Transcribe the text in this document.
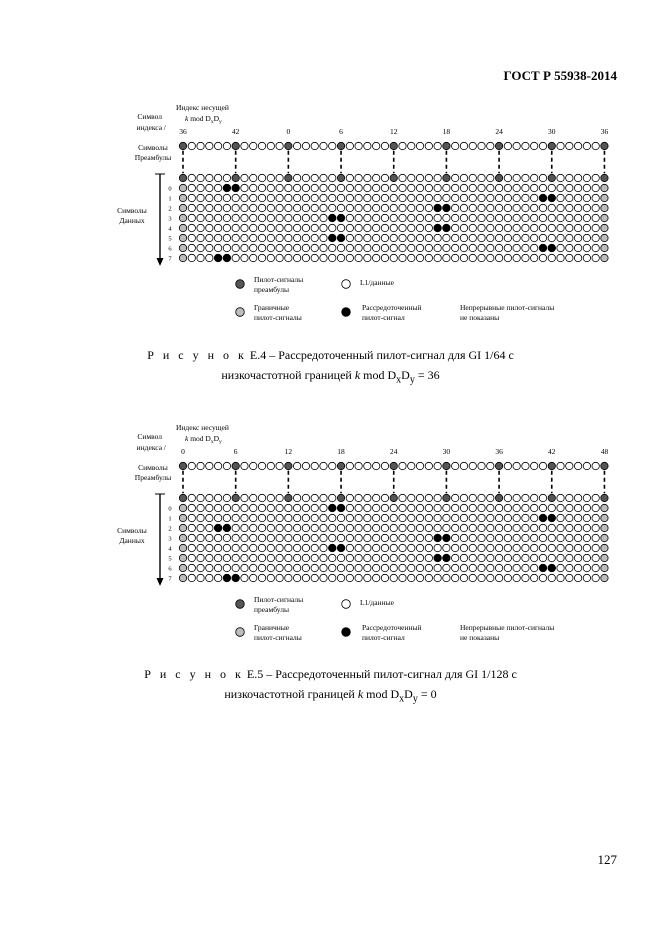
ГОСТ Р 55938-2014
Индекс несущей
k mod $D_xD_y$
Символ
индекса /
Символы
Преамбулы
Символы
Данных
36	42	0	6	12	18	24	30	36
0
1
2
3
4
5
6
7
Пилот-сигналы
преамбулы
L1/данные
Граничные
пилот-сигналы
Рассредоточенный
пилот-сигнал
Непрерывные пилот-сигналы
не показаны
Р и с у н о к Е.4 – Рассредоточенный пилот-сигнал для GI 1/64 с
низкочастотной границей k mod $D_xD_y = 36$
Индекс несущей
k mod $D_xD_y$
Символ
индекса /
Символы
Преамбулы
Символы
Данных
0	6	12	18	24	30	36	42	48
0
1
2
3
4
5
6
7
Пилот-сигналы
преамбулы
L1/данные
Граничные
пилот-сигналы
Рассредоточенный
пилот-сигнал
Непрерывные пилот-сигналы
не показаны
Р и с у н о к Е.5 – Рассредоточенный пилот-сигнал для GI 1/128 с
низкочастотной границей k mod $D_xD_y = 0$
127
